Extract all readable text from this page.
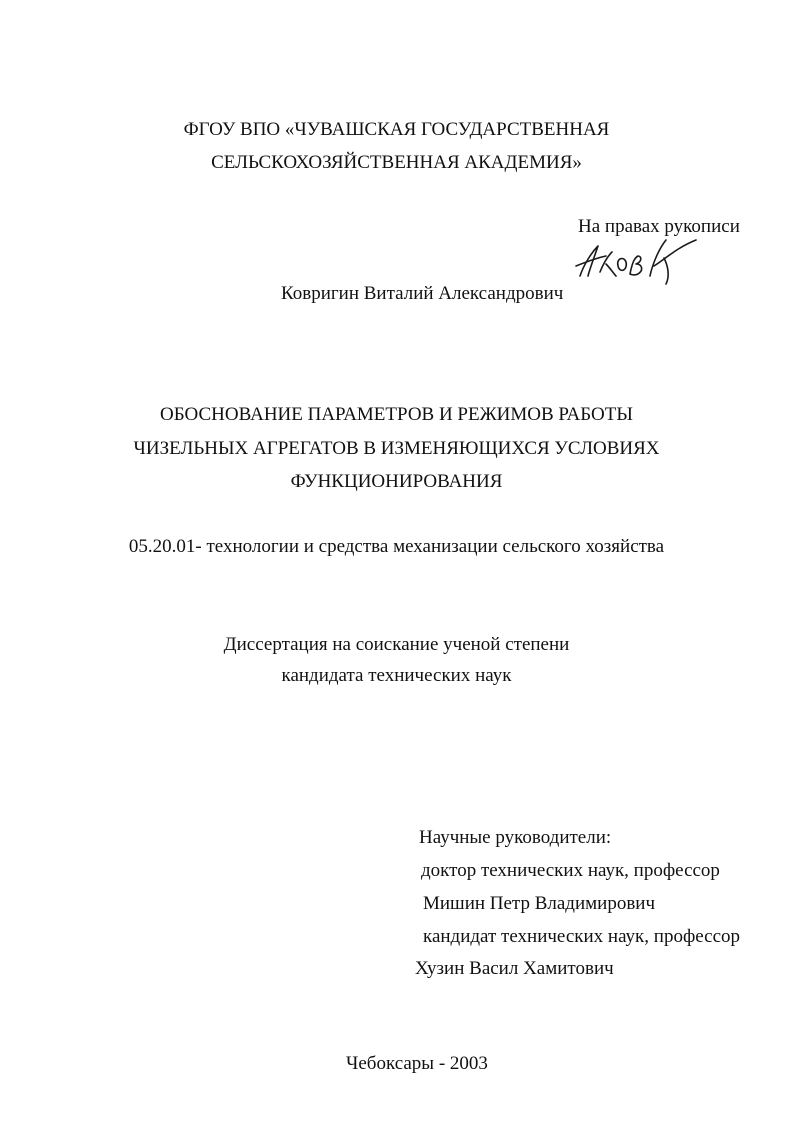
ФГОУ ВПО «ЧУВАШСКАЯ ГОСУДАРСТВЕННАЯ
СЕЛЬСКОХОЗЯЙСТВЕННАЯ АКАДЕМИЯ»
На правах рукописи
Ковригин Виталий Александрович
ОБОСНОВАНИЕ ПАРАМЕТРОВ И РЕЖИМОВ РАБОТЫ
ЧИЗЕЛЬНЫХ АГРЕГАТОВ В ИЗМЕНЯЮЩИХСЯ УСЛОВИЯХ
ФУНКЦИОНИРОВАНИЯ
05.20.01- технологии и средства механизации сельского хозяйства
Диссертация на соискание ученой степени
кандидата технических наук
Научные руководители:
доктор технических наук, профессор
Мишин Петр Владимирович
кандидат технических наук, профессор
Хузин Васил Хамитович
Чебоксары - 2003
